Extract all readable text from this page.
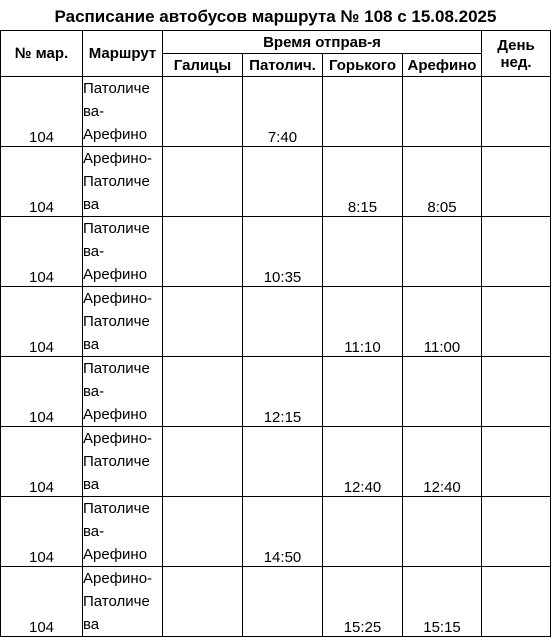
Расписание автобусов маршрута № 108 с 15.08.2025
№ мар.	Маршрут	Время отправ-я				День
нед.

		Галицы	Патолич.	Горького	Арефино	
104	Патоличе
ва-
Арефино		7:40			
104	Арефино-
Патоличе
ва			8:15	8:05	
104	Патоличе
ва-
Арефино		10:35			
104	Арефино-
Патоличе
ва			11:10	11:00	
104	Патоличе
ва-
Арефино		12:15			
104	Арефино-
Патоличе
ва			12:40	12:40	
104	Патоличе
ва-
Арефино		14:50			
104	Арефино-
Патоличе
ва			15:25	15:15	
